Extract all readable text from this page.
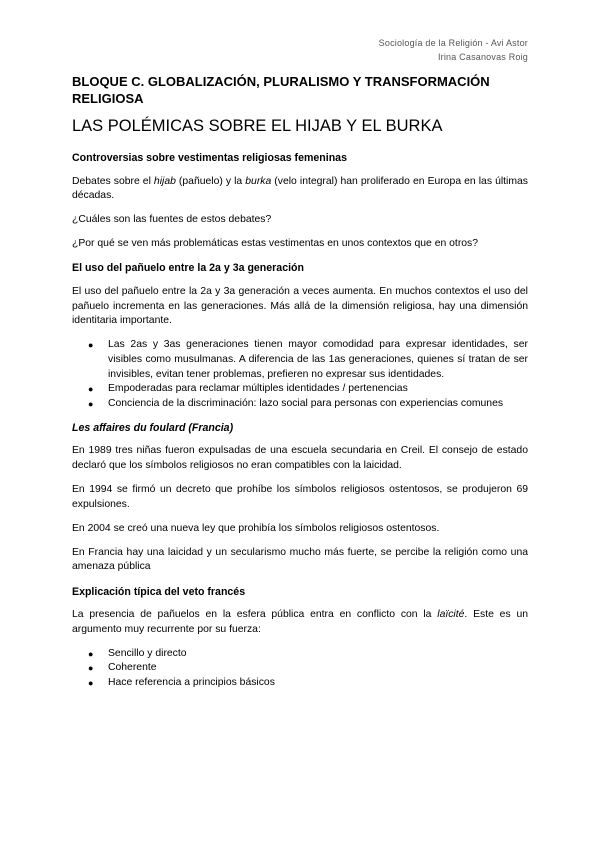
Sociología de la Religión - Avi Astor
Irina Casanovas Roig
BLOQUE C. GLOBALIZACIÓN, PLURALISMO Y TRANSFORMACIÓN RELIGIOSA
LAS POLÉMICAS SOBRE EL HIJAB Y EL BURKA
Controversias sobre vestimentas religiosas femeninas

Debates sobre el hijab (pañuelo) y la burka (velo integral) han proliferado en Europa en las últimas décadas.

¿Cuáles son las fuentes de estos debates?

¿Por qué se ven más problemáticas estas vestimentas en unos contextos que en otros?

El uso del pañuelo entre la 2a y 3a generación

El uso del pañuelo entre la 2a y 3a generación a veces aumenta. En muchos contextos el uso del pañuelo incrementa en las generaciones. Más allá de la dimensión religiosa, hay una dimensión identitaria importante.

● Las 2as y 3as generaciones tienen mayor comodidad para expresar identidades, ser visibles como musulmanas. A diferencia de las 1as generaciones, quienes sí tratan de ser invisibles, evitan tener problemas, prefieren no expresar sus identidades.
● Empoderadas para reclamar múltiples identidades / pertenencias
● Conciencia de la discriminación: lazo social para personas con experiencias comunes
Les affaires du foulard (Francia)

En 1989 tres niñas fueron expulsadas de una escuela secundaria en Creil. El consejo de estado declaró que los símbolos religiosos no eran compatibles con la laicidad.

En 1994 se firmó un decreto que prohíbe los símbolos religiosos ostentosos, se produjeron 69 expulsiones.

En 2004 se creó una nueva ley que prohibía los símbolos religiosos ostentosos.

En Francia hay una laicidad y un secularismo mucho más fuerte, se percibe la religión como una amenaza pública

Explicación típica del veto francés

La presencia de pañuelos en la esfera pública entra en conflicto con la laïcité. Este es un argumento muy recurrente por su fuerza:

● Sencillo y directo
● Coherente
● Hace referencia a principios básicos
